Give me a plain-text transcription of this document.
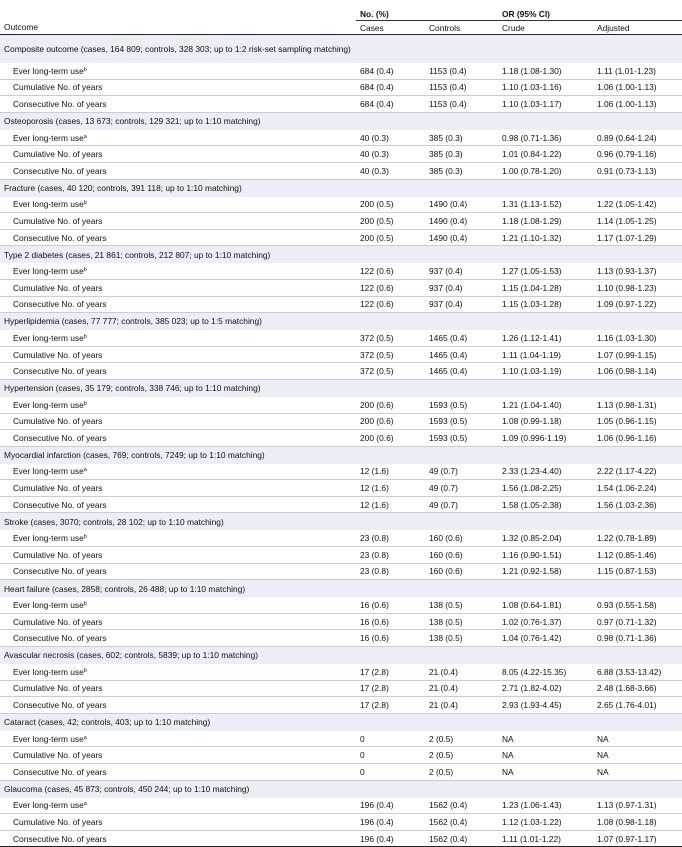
	No. (%)		OR (95% CI)	
Outcome	Cases	Controls	Crude	Adjusted
Composite outcome (cases, 164 809; controls, 328 303; up to 1:2 risk-set sampling matching)				
Ever long-term use$^b$	684 (0.4)	1153 (0.4)	1.18 (1.08-1.30)	1.11 (1.01-1.23)
Cumulative No. of years	684 (0.4)	1153 (0.4)	1.10 (1.03-1.16)	1.06 (1.00-1.13)
Consecutive No. of years	684 (0.4)	1153 (0.4)	1.10 (1.03-1.17)	1.06 (1.00-1.13)
Osteoporosis (cases, 13 673; controls, 129 321; up to 1:10 matching)				
Ever long-term use$^a$	40 (0.3)	385 (0.3)	0.98 (0.71-1.36)	0.89 (0.64-1.24)
Cumulative No. of years	40 (0.3)	385 (0.3)	1.01 (0.84-1.22)	0.96 (0.79-1.16)
Consecutive No. of years	40 (0.3)	385 (0.3)	1.00 (0.78-1.20)	0.91 (0.73-1.13)
Fracture (cases, 40 120; controls, 391 118; up to 1:10 matching)				
Ever long-term use$^b$	200 (0.5)	1490 (0.4)	1.31 (1.13-1.52)	1.22 (1.05-1.42)
Cumulative No. of years	200 (0.5)	1490 (0.4)	1.18 (1.08-1.29)	1.14 (1.05-1.25)
Consecutive No. of years	200 (0.5)	1490 (0.4)	1.21 (1.10-1.32)	1.17 (1.07-1.29)
Type 2 diabetes (cases, 21 861; controls, 212 807; up to 1:10 matching)				
Ever long-term use$^b$	122 (0.6)	937 (0.4)	1.27 (1.05-1.53)	1.13 (0.93-1.37)
Cumulative No. of years	122 (0.6)	937 (0.4)	1.15 (1.04-1.28)	1.10 (0.98-1.23)
Consecutive No. of years	122 (0.6)	937 (0.4)	1.15 (1.03-1.28)	1.09 (0.97-1.22)
Hyperlipidemia (cases, 77 777; controls, 385 023; up to 1:5 matching)				
Ever long-term use$^b$	372 (0.5)	1465 (0.4)	1.26 (1.12-1.41)	1.16 (1.03-1.30)
Cumulative No. of years	372 (0.5)	1465 (0.4)	1.11 (1.04-1.19)	1.07 (0.99-1.15)
Consecutive No. of years	372 (0.5)	1465 (0.4)	1.10 (1.03-1.19)	1.06 (0.98-1.14)
Hypertension (cases, 35 179; controls, 338 746; up to 1:10 matching)				
Ever long-term use$^b$	200 (0.6)	1593 (0.5)	1.21 (1.04-1.40)	1.13 (0.98-1.31)
Cumulative No. of years	200 (0.6)	1593 (0.5)	1.08 (0.99-1.18)	1.05 (0.96-1.15)
Consecutive No. of years	200 (0.6)	1593 (0.5)	1.09 (0.996-1.19)	1.06 (0.96-1.16)
Myocardial infarction (cases, 769; controls, 7249; up to 1:10 matching)				
Ever long-term use$^a$	12 (1.6)	49 (0.7)	2.33 (1.23-4.40)	2.22 (1.17-4.22)
Cumulative No. of years	12 (1.6)	49 (0.7)	1.56 (1.08-2.25)	1.54 (1.06-2.24)
Consecutive No. of years	12 (1.6)	49 (0.7)	1.58 (1.05-2.38)	1.56 (1.03-2.36)
Stroke (cases, 3070; controls, 28 102; up to 1:10 matching)				
Ever long-term use$^b$	23 (0.8)	160 (0.6)	1.32 (0.85-2.04)	1.22 (0.78-1.89)
Cumulative No. of years	23 (0.8)	160 (0.6)	1.16 (0.90-1.51)	1.12 (0.85-1.46)
Consecutive No. of years	23 (0.8)	160 (0.6)	1.21 (0.92-1.58)	1.15 (0.87-1.53)
Heart failure (cases, 2858; controls, 26 488; up to 1:10 matching)				
Ever long-term use$^b$	16 (0.6)	138 (0.5)	1.08 (0.64-1.81)	0.93 (0.55-1.58)
Cumulative No. of years	16 (0.6)	138 (0.5)	1.02 (0.76-1.37)	0.97 (0.71-1.32)
Consecutive No. of years	16 (0.6)	138 (0.5)	1.04 (0.76-1.42)	0.98 (0.71-1.36)
Avascular necrosis (cases, 602; controls, 5839; up to 1:10 matching)				
Ever long-term use$^b$	17 (2.8)	21 (0.4)	8.05 (4.22-15.35)	6.88 (3.53-13.42)
Cumulative No. of years	17 (2.8)	21 (0.4)	2.71 (1.82-4.02)	2.48 (1.68-3.66)
Consecutive No. of years	17 (2.8)	21 (0.4)	2.93 (1.93-4.45)	2.65 (1.76-4.01)
Cataract (cases, 42; controls, 403; up to 1:10 matching)				
Ever long-term use$^a$	0	2 (0.5)	NA	NA
Cumulative No. of years	0	2 (0.5)	NA	NA
Consecutive No. of years	0	2 (0.5)	NA	NA
Glaucoma (cases, 45 873; controls, 450 244; up to 1:10 matching)				
Ever long-term use$^a$	196 (0.4)	1562 (0.4)	1.23 (1.06-1.43)	1.13 (0.97-1.31)
Cumulative No. of years	196 (0.4)	1562 (0.4)	1.12 (1.03-1.22)	1.08 (0.98-1.18)
Consecutive No. of years	196 (0.4)	1562 (0.4)	1.11 (1.01-1.22)	1.07 (0.97-1.17)
